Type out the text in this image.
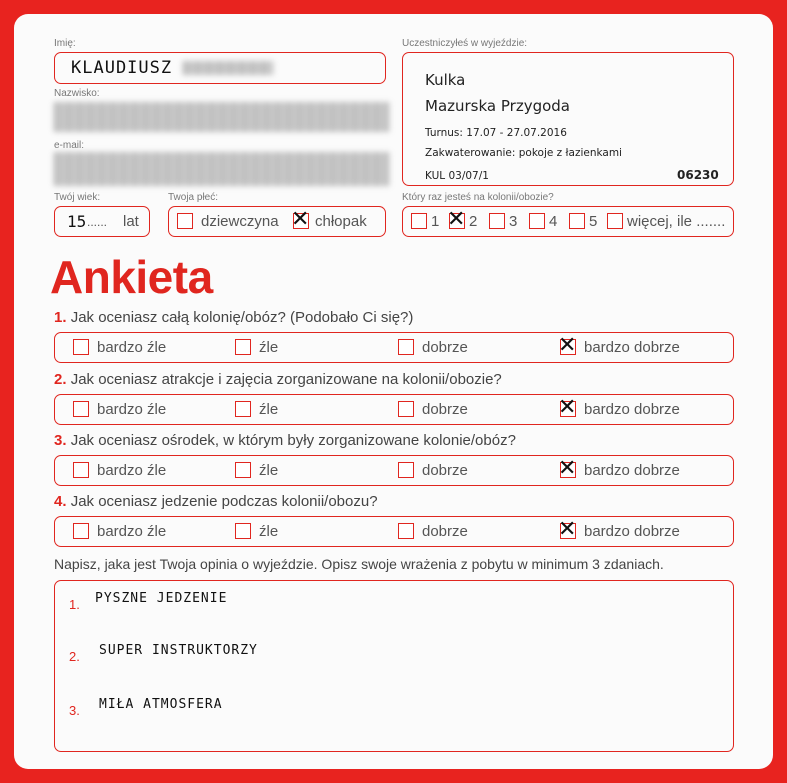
Imię:
KLAUDIUSZ
Nazwisko:
e-mail:
Twój wiek:
15 ...... lat
Twoja płeć:
dziewczyna ✕ chłopak
Uczestniczyłeś w wyjeździe:
Kulka
Mazurska Przygoda
Turnus: 17.07 - 27.07.2016
Zakwaterowanie: pokoje z łazienkami
KUL 03/07/1	06230
Który raz jesteś na kolonii/obozie?
1 ✕ 2 3 4 5 więcej, ile .......
Ankieta
1. Jak oceniasz całą kolonię/obóz? (Podobało Ci się?)
bardzo źle	źle	dobrze	✕ bardzo dobrze
2. Jak oceniasz atrakcje i zajęcia zorganizowane na kolonii/obozie?
bardzo źle	źle	dobrze	✕ bardzo dobrze
3. Jak oceniasz ośrodek, w którym były zorganizowane kolonie/obóz?
bardzo źle	źle	dobrze	✕ bardzo dobrze
4. Jak oceniasz jedzenie podczas kolonii/obozu?
bardzo źle	źle	dobrze	✕ bardzo dobrze
Napisz, jaka jest Twoja opinia o wyjeździe. Opisz swoje wrażenia z pobytu w minimum 3 zdaniach.
1. PYSZNE JEDZENIE
2. SUPER INSTRUKTORZY
3. MIŁA ATMOSFERA
